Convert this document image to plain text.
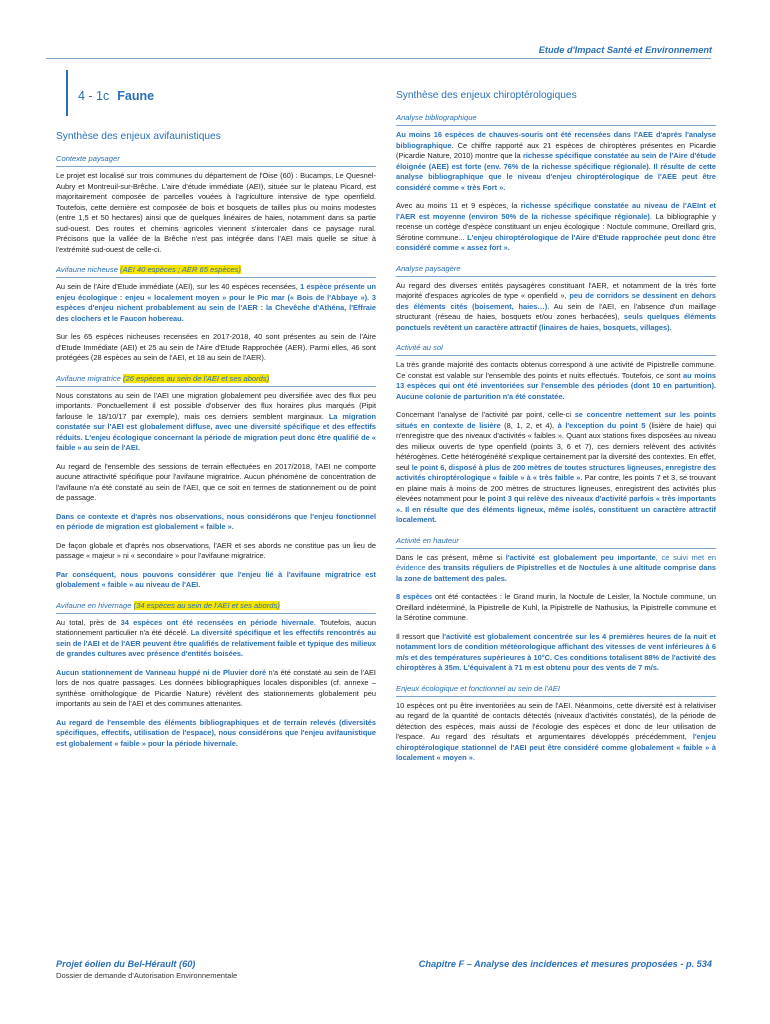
Etude d'Impact Santé et Environnement
4 - 1c Faune
Synthèse des enjeux avifaunistiques
Contexte paysager

Le projet est localisé sur trois communes du département de l'Oise (60) : Bucamps, Le Quesnel-Aubry et Montreuil-sur-Brêche. L'aire d'étude immédiate (AEI), située sur le plateau Picard, est majoritairement composée de parcelles vouées à l'agriculture intensive de type openfield. Toutefois, cette dernière est composée de bois et bosquets de tailles plus ou moins modestes (entre 1,5 et 50 hectares) ainsi que de quelques linéaires de haies, notamment dans sa partie sud-ouest. Des routes et chemins agricoles viennent s'intercaler dans ce paysage rural. Précisons que la vallée de la Brêche n'est pas intégrée dans l'AEI mais quelle se situe à l'extrémité sud-ouest de celle-ci.

Avifaune nicheuse (AEI 40 espèces ; AER 65 espèces)

Au sein de l'Aire d'Etude immédiate (AEI), sur les 40 espèces recensées, 1 espèce présente un enjeu écologique : enjeu « localement moyen » pour le Pic mar (« Bois de l'Abbaye »). 3 espèces d'enjeu nichent probablement au sein de l'AER : la Chevêche d'Athéna, l'Effraie des clochers et le Faucon hobereau.

Sur les 65 espèces nicheuses recensées en 2017-2018, 40 sont présentes au sein de l'Aire d'Etude Immédiate (AEI) et 25 au sein de l'Aire d'Etude Rapprochée (AER). Parmi elles, 46 sont protégées (28 espèces au sein de l'AEI, et 18 au sein de l'AER).

Avifaune migratrice (26 espèces au sein de l'AEI et ses abords)

Nous constatons au sein de l'AEI une migration globalement peu diversifiée avec des flux peu importants. Ponctuellement il est possible d'observer des flux horaires plus marqués (Pipit farlouse le 18/10/17 par exemple), mais ces derniers semblent marginaux. La migration constatée sur l'AEI est globalement diffuse, avec une diversité spécifique et des effectifs réduits. L'enjeu écologique concernant la période de migration peut donc être qualifié de « faible » au sein de l'AEI.

Au regard de l'ensemble des sessions de terrain effectuées en 2017/2018, l'AEI ne comporte aucune attractivité spécifique pour l'avifaune migratrice. Aucun phénomène de concentration de l'avifaune n'a été constaté au sein de l'AEI, que ce soit en termes de stationnement ou de point de passage.

Dans ce contexte et d'après nos observations, nous considérons que l'enjeu fonctionnel en période de migration est globalement « faible ».

De façon globale et d'après nos observations, l'AER et ses abords ne constitue pas un lieu de passage « majeur » ni « secondaire » pour l'avifaune migratrice.

Par conséquent, nous pouvons considérer que l'enjeu lié à l'avifaune migratrice est globalement « faible » au niveau de l'AEI.

Avifaune en hivernage (34 espèces au sein de l'AEI et ses abords)

Au total, près de 34 espèces ont été recensées en période hivernale. Toutefois, aucun stationnement particulier n'a été décelé. La diversité spécifique et les effectifs rencontrés au sein de l'AEI et de l'AER peuvent être qualifiés de relativement faible et typique des milieux de grandes cultures avec présence d'entités boisées.

Aucun stationnement de Vanneau huppé ni de Pluvier doré n'a été constaté au sein de l'AEI lors de nos quatre passages. Les données bibliographiques locales disponibles (cf. annexe – synthèse ornithologique de Picardie Nature) révèlent des stationnements globalement peu importants au sein de l'AEI et des communes attenantes.

Au regard de l'ensemble des éléments bibliographiques et de terrain relevés (diversités spécifiques, effectifs, utilisation de l'espace), nous considérons que l'enjeu avifaunistique est globalement « faible » pour la période hivernale.

Synthèse des enjeux chiroptérologiques
Analyse bibliographique

Au moins 16 espèces de chauves-souris ont été recensées dans l'AEE d'après l'analyse bibliographique. Ce chiffre rapporté aux 21 espèces de chiroptères présentes en Picardie (Picardie Nature, 2010) montre que la richesse spécifique constatée au sein de l'Aire d'étude éloignée (AEE) est forte (env. 76% de la richesse spécifique régionale). Il résulte de cette analyse bibliographique que le niveau d'enjeu chiroptérologique de l'AEE peut être considéré comme « très Fort ».

Avec au moins 11 et 9 espèces, la richesse spécifique constatée au niveau de l'AEInt et l'AER est moyenne (environ 50% de la richesse spécifique régionale). La bibliographie y recense un cortège d'espèce constituant un enjeu écologique : Noctule commune, Oreillard gris, Sérotine commune... L'enjeu chiroptérologique de l'Aire d'Etude rapprochée peut donc être considéré comme « assez fort ».

Analyse paysagère

Au regard des diverses entités paysagères constituant l'AER, et notamment de la très forte majorité d'espaces agricoles de type « openfield », peu de corridors se dessinent en dehors des éléments cités (boisement, haies…). Au sein de l'AEI, en l'absence d'un maillage structurant (réseau de haies, bosquets et/ou zones herbacées), seuls quelques éléments ponctuels revêtent un caractère attractif (linaires de haies, bosquets, villages).

Activité au sol

La très grande majorité des contacts obtenus correspond à une activité de Pipistrelle commune. Ce constat est valable sur l'ensemble des points et nuits effectués. Toutefois, ce sont au moins 13 espèces qui ont été inventoriées sur l'ensemble des périodes (dont 10 en parturition). Aucune colonie de parturition n'a été constatée.

Concernant l'analyse de l'activité par point, celle-ci se concentre nettement sur les points situés en contexte de lisière (8, 1, 2, et 4), à l'exception du point 5 (lisière de haie) qui n'enregistre que des niveaux d'activités « faibles ». Quant aux stations fixes disposées au niveau des milieux ouverts de type openfield (points 3, 6 et 7), ces derniers relèvent des activités hétérogènes. Cette hétérogénéité s'explique certainement par la diversité des contextes. En effet, seul le point 6, disposé à plus de 200 mètres de toutes structures ligneuses, enregistre des activités chiroptérologique « faible » à « très faible ». Par contre, les points 7 et 3, se trouvant en plaine mais à moins de 200 mètres de structures ligneuses, enregistrent des activités plus élevées notamment pour le point 3 qui relève des niveaux d'activité parfois « très importants ». Il en résulte que des éléments ligneux, même isolés, constituent un caractère attractif localement.

Activité en hauteur

Dans le cas présent, même si l'activité est globalement peu importante, ce suivi met en évidence des transits réguliers de Pipistrelles et de Noctules à une altitude comprise dans la zone de battement des pales.

8 espèces ont été contactées : le Grand murin, la Noctule de Leisler, la Noctule commune, un Oreillard indéterminé, la Pipistrelle de Kuhl, la Pipistrelle de Nathusius, la Pipistrelle commune et la Sérotine commune.

Il ressort que l'activité est globalement concentrée sur les 4 premières heures de la nuit et notamment lors de condition météorologique affichant des vitesses de vent inférieures à 6 m/s et des températures supérieures à 10°C. Ces conditions totalisent 88% de l'activité des chiroptères à 35m. L'équivalent à 71 m est obtenu pour des vents de 7 m/s.

Enjeux écologique et fonctionnel au sein de l'AEI

10 espèces ont pu être inventoriées au sein de l'AEI. Néanmoins, cette diversité est à relativiser au regard de la quantité de contacts détectés (niveaux d'activités constatés), de la période de détection des espèces, mais aussi de l'écologie des espèces et donc de leur utilisation de l'espace. Au regard des résultats et argumentaires développés précédemment, l'enjeu chiroptérologique stationnel de l'AEI peut être considéré comme globalement « faible » à localement « moyen ».

Projet éolien du Bel-Hérault (60)
Dossier de demande d'Autorisation Environnementale
Chapitre F – Analyse des incidences et mesures proposées - p. 534
